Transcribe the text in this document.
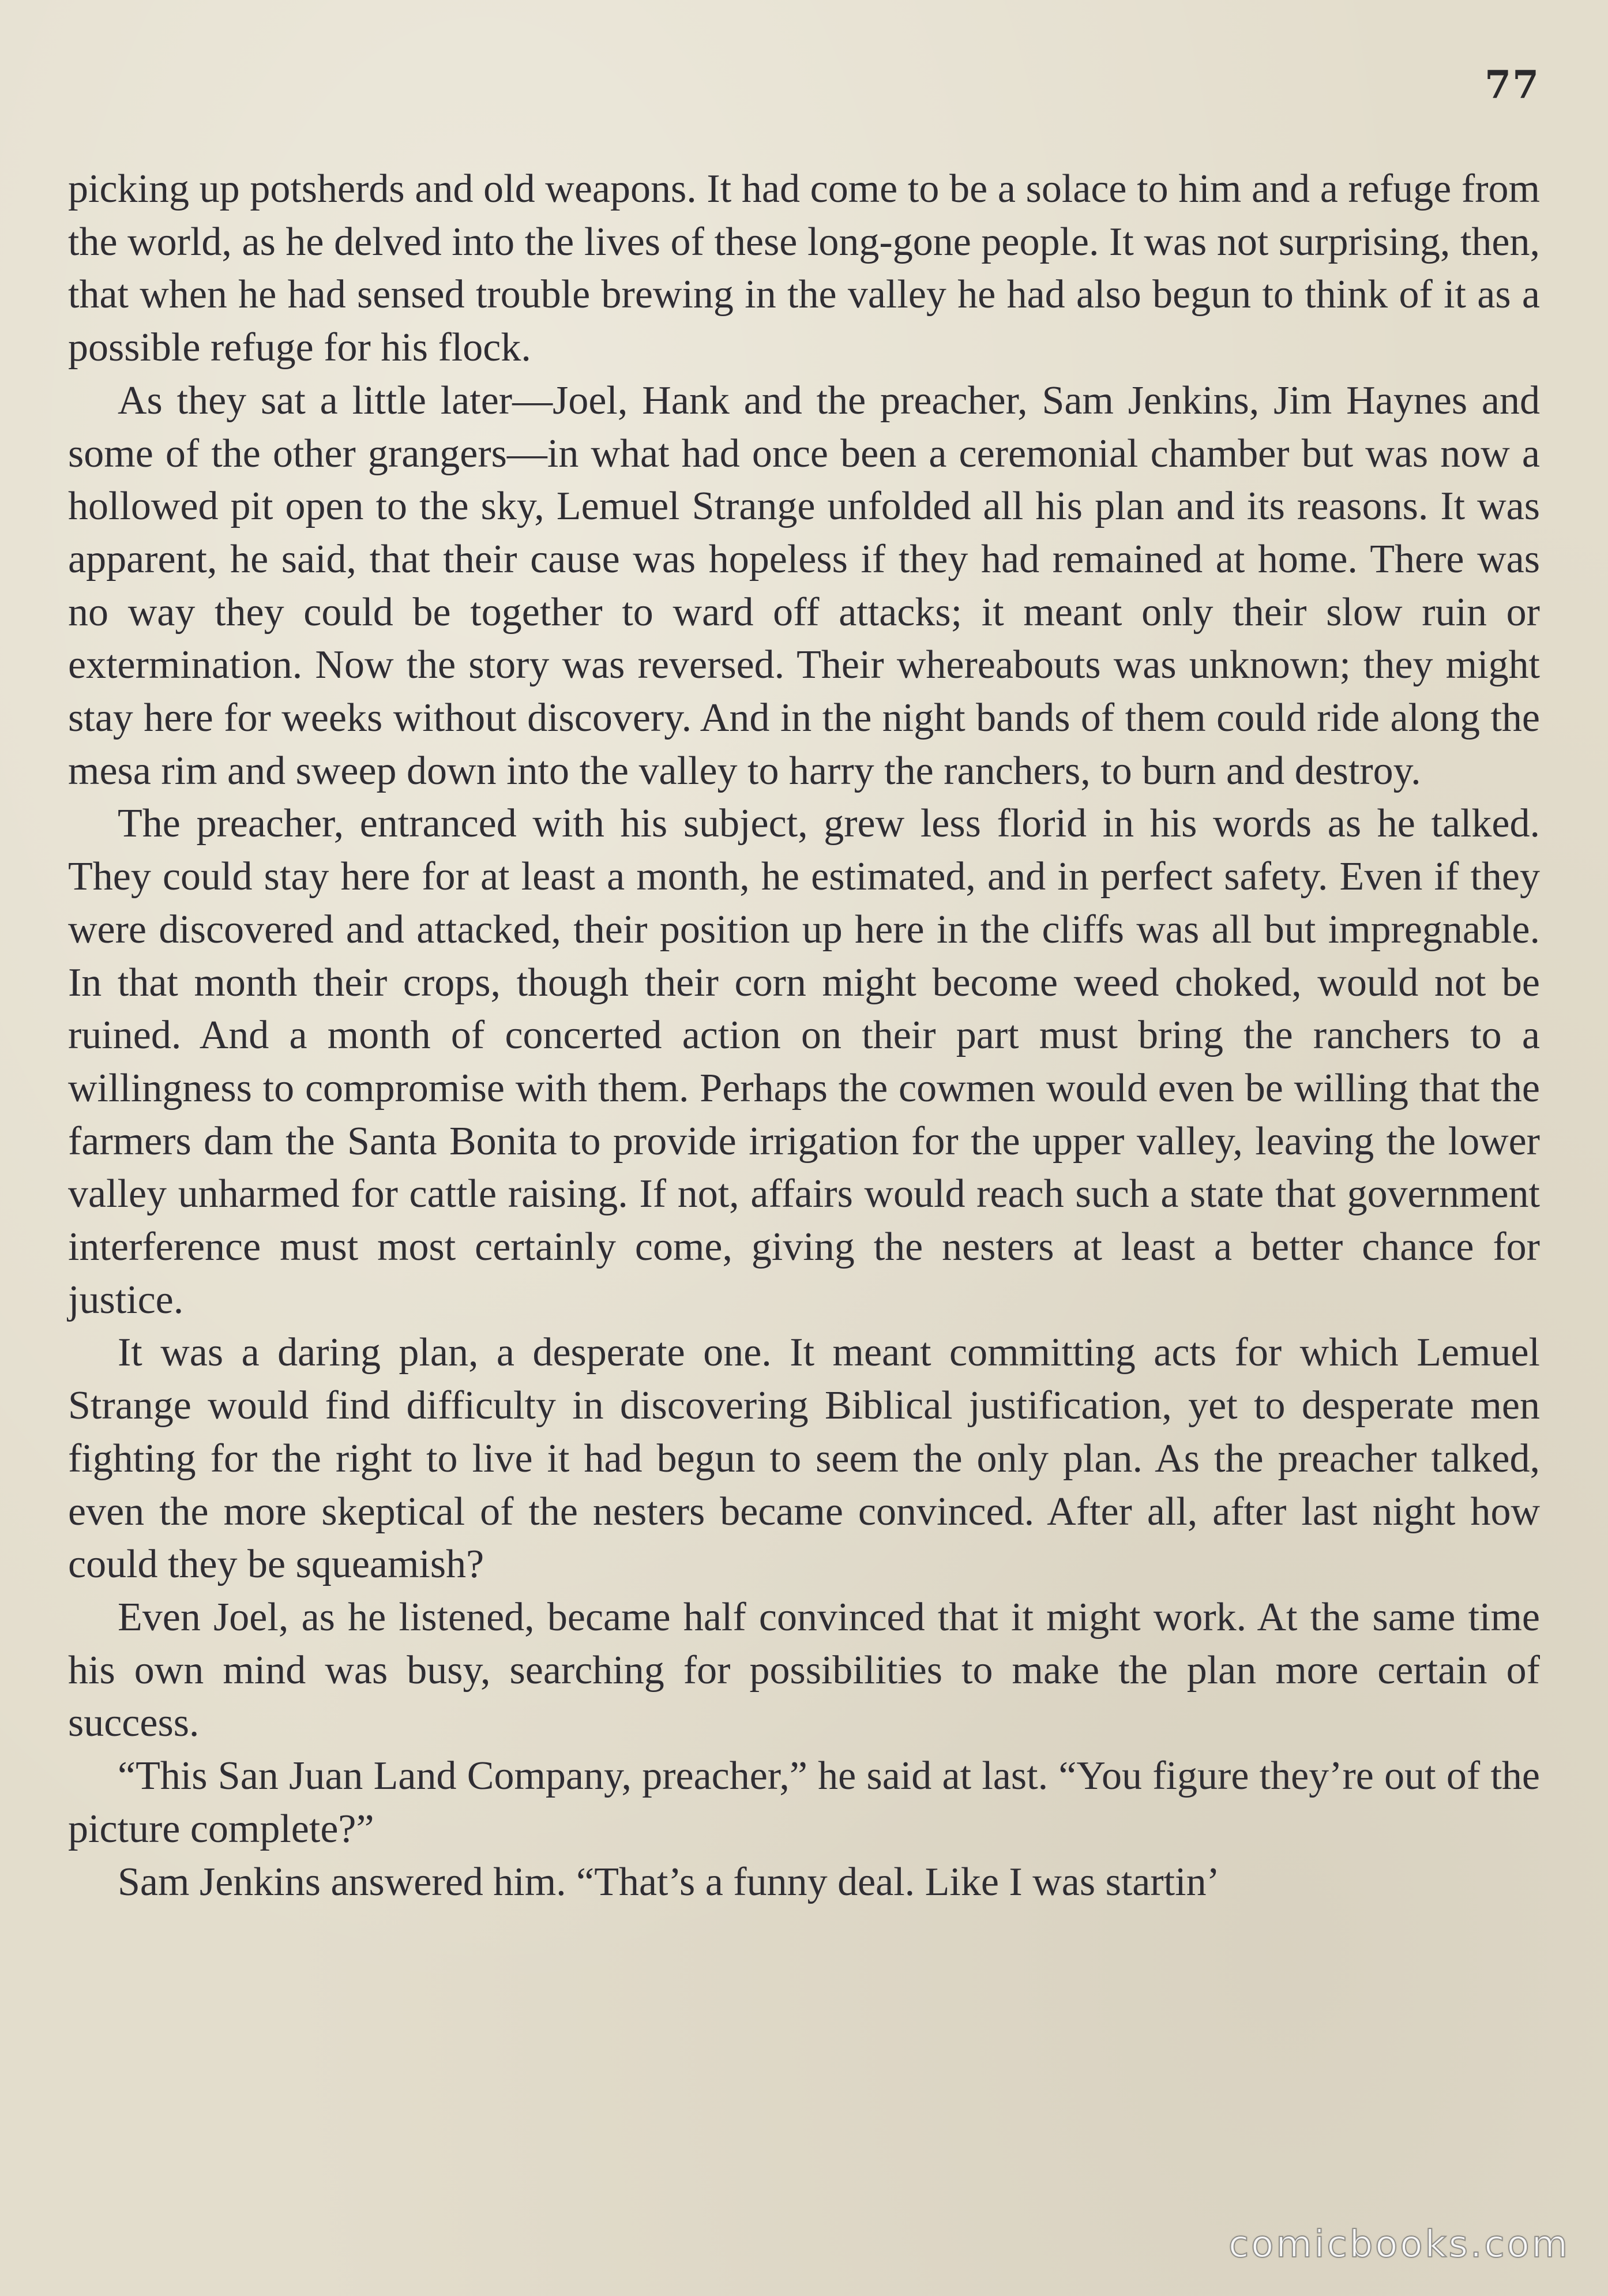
77

picking up potsherds and old weapons. It had come to be a solace to him and a refuge from the world, as he delved into the lives of these long-gone people. It was not surprising, then, that when he had sensed trouble brewing in the valley he had also begun to think of it as a possible refuge for his flock.

As they sat a little later—Joel, Hank and the preacher, Sam Jenkins, Jim Haynes and some of the other grangers—in what had once been a ceremonial chamber but was now a hollowed pit open to the sky, Lemuel Strange unfolded all his plan and its reasons. It was apparent, he said, that their cause was hopeless if they had remained at home. There was no way they could be together to ward off attacks; it meant only their slow ruin or extermination. Now the story was reversed. Their whereabouts was unknown; they might stay here for weeks without discovery. And in the night bands of them could ride along the mesa rim and sweep down into the valley to harry the ranchers, to burn and destroy.

The preacher, entranced with his subject, grew less florid in his words as he talked. They could stay here for at least a month, he estimated, and in perfect safety. Even if they were discovered and attacked, their position up here in the cliffs was all but impregnable. In that month their crops, though their corn might become weed choked, would not be ruined. And a month of concerted action on their part must bring the ranchers to a willingness to compromise with them. Perhaps the cowmen would even be willing that the farmers dam the Santa Bonita to provide irrigation for the upper valley, leaving the lower valley unharmed for cattle raising. If not, affairs would reach such a state that government interference must most certainly come, giving the nesters at least a better chance for justice.

It was a daring plan, a desperate one. It meant committing acts for which Lemuel Strange would find difficulty in discovering Biblical justification, yet to desperate men fighting for the right to live it had begun to seem the only plan. As the preacher talked, even the more skeptical of the nesters became convinced. After all, after last night how could they be squeamish?

Even Joel, as he listened, became half convinced that it might work. At the same time his own mind was busy, searching for possibilities to make the plan more certain of success.

“This San Juan Land Company, preacher,” he said at last. “You figure they’re out of the picture complete?”

Sam Jenkins answered him. “That’s a funny deal. Like I was startin’

comicbooks.com
